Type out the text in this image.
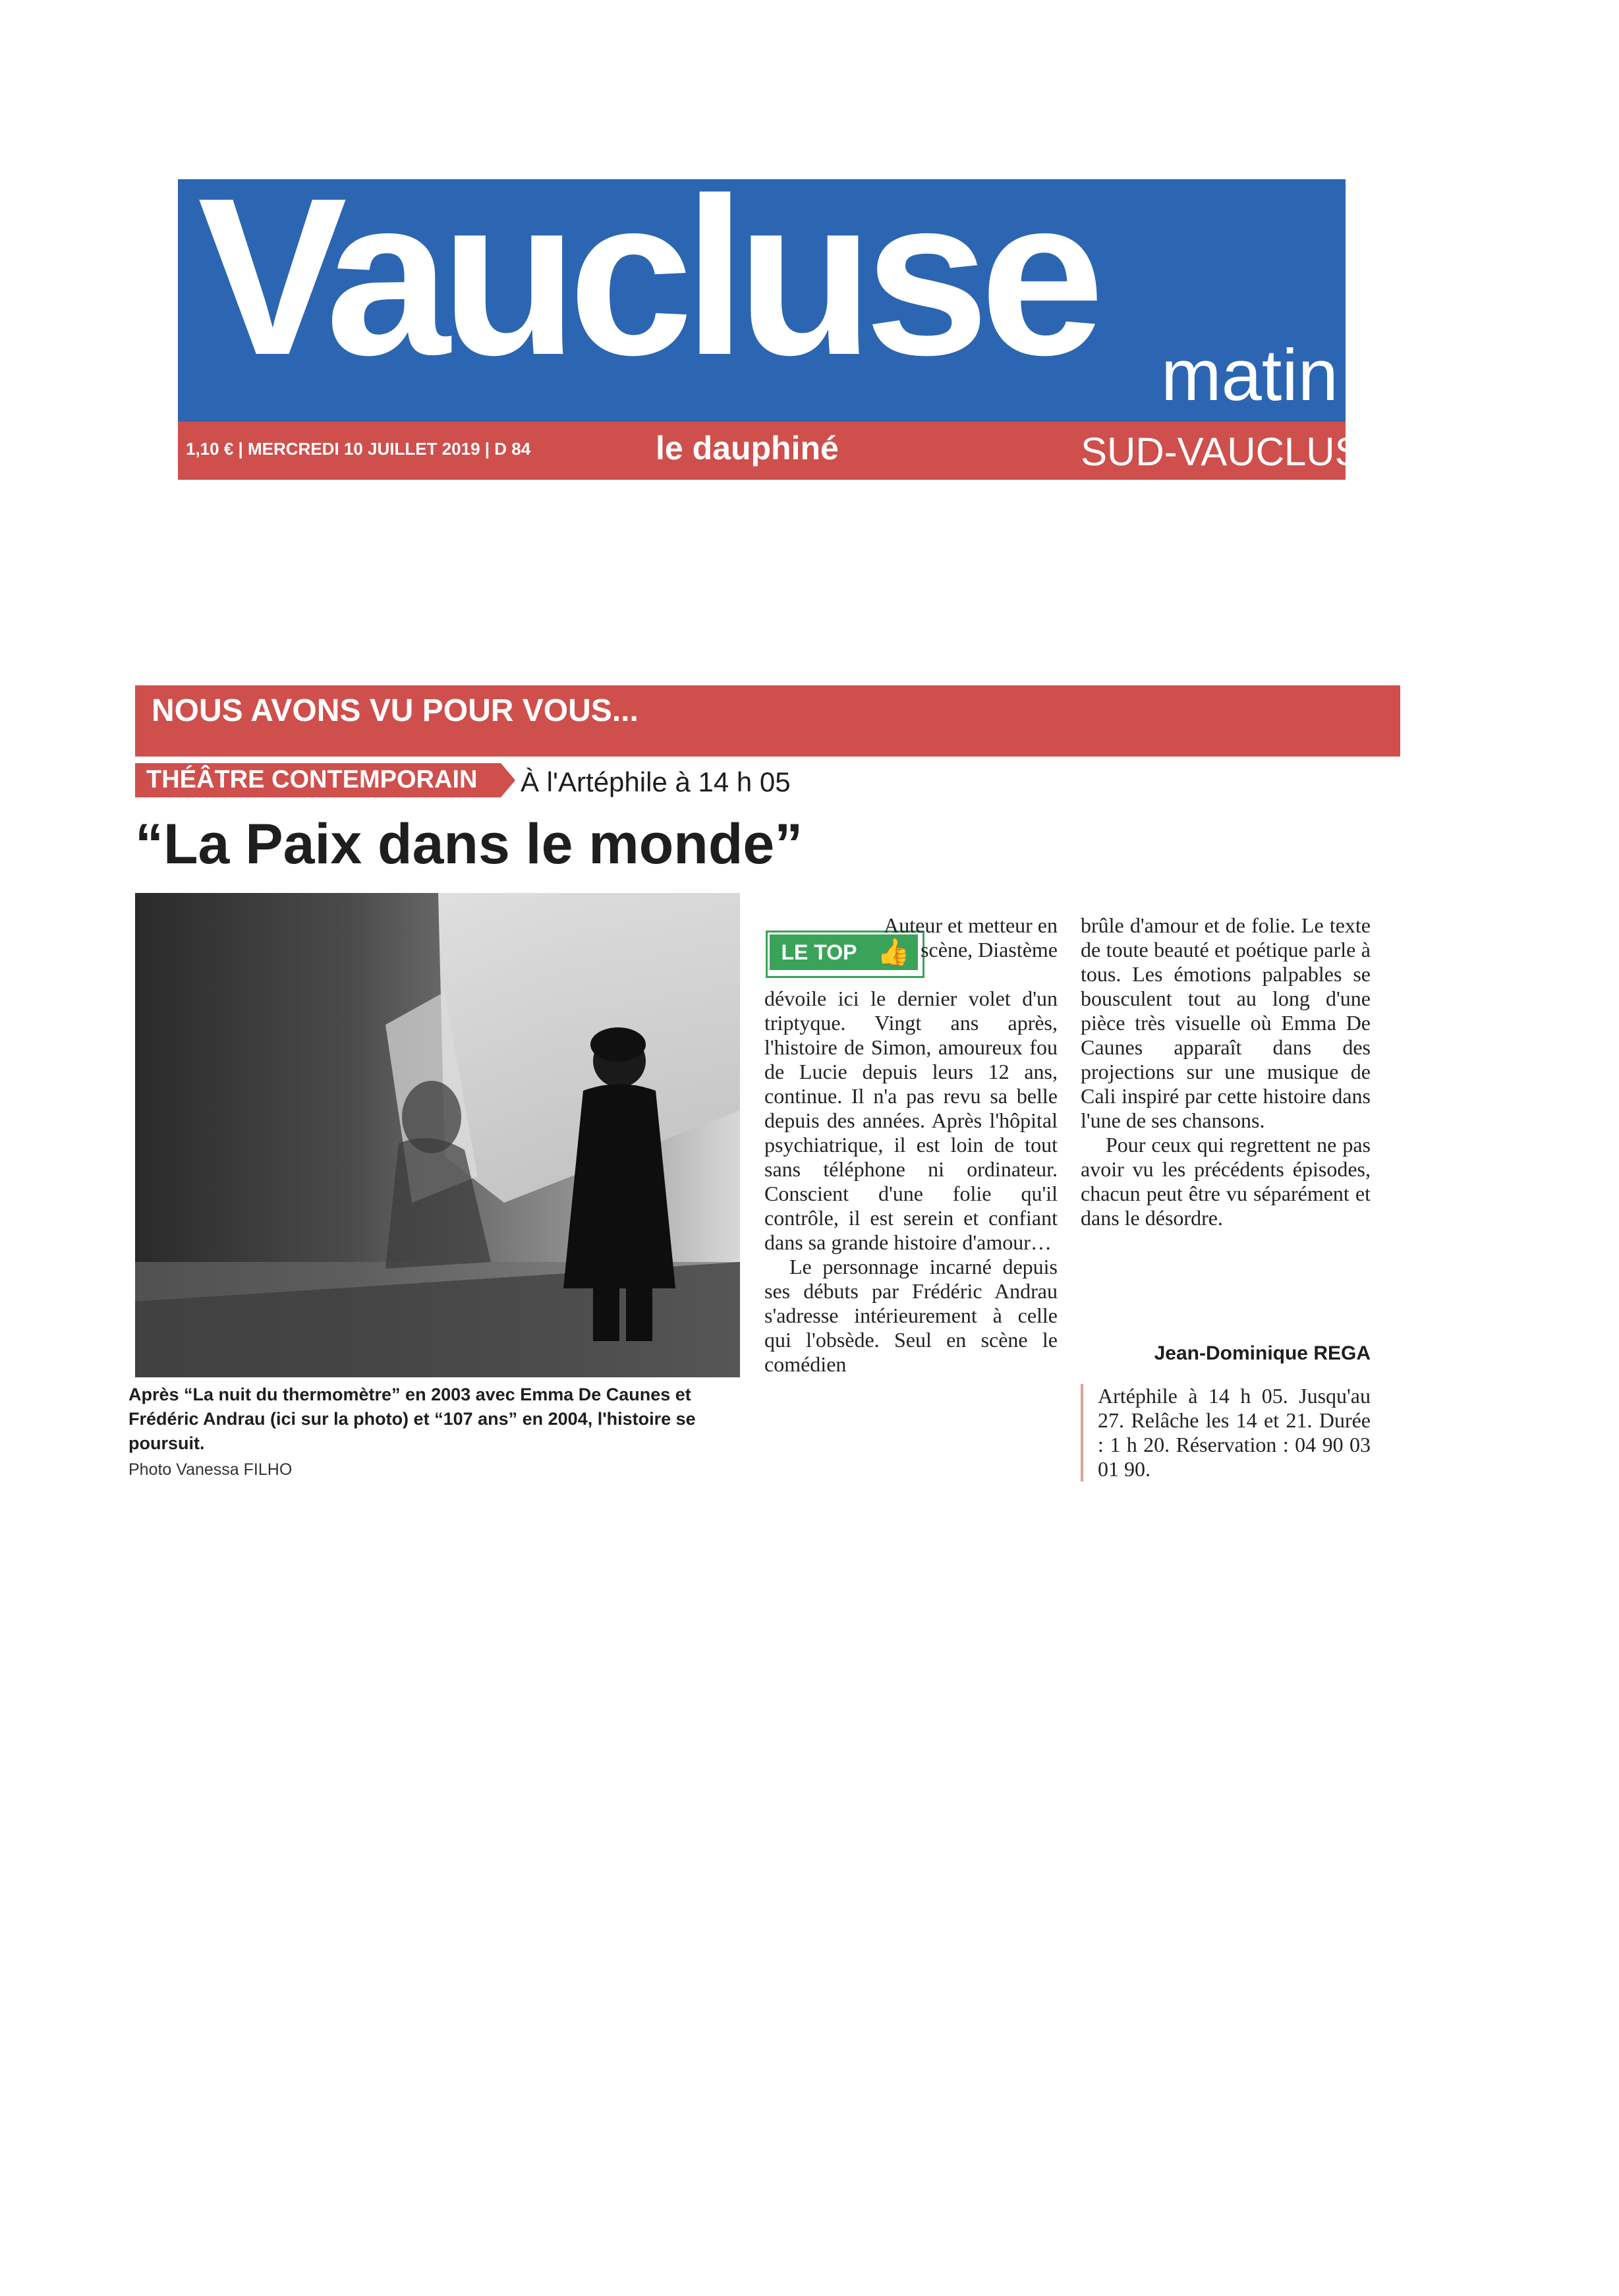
Vaucluse matin
1,10 € | MERCREDI 10 JUILLET 2019 | D 84	le dauphiné	SUD-VAUCLUSE
NOUS AVONS VU POUR VOUS...
THÉÂTRE CONTEMPORAIN À l'Artéphile à 14 h 05
“La Paix dans le monde”
Après “La nuit du thermomètre” en 2003 avec Emma De Caunes et Frédéric Andrau (ici sur la photo) et “107 ans” en 2004, l'histoire se poursuit.
Photo Vanessa FILHO
LE TOP 👍

Auteur et metteur en scène, Diastème

dévoile ici le dernier volet d'un triptyque. Vingt ans après, l'histoire de Simon, amoureux fou de Lucie depuis leurs 12 ans, continue. Il n'a pas revu sa belle depuis des années. Après l'hôpital psychiatrique, il est loin de tout sans téléphone ni ordinateur. Conscient d'une folie qu'il contrôle, il est serein et confiant dans sa grande histoire d'amour…

Le personnage incarné depuis ses débuts par Frédéric Andrau s'adresse intérieurement à celle qui l'obsède. Seul en scène le comédien

brûle d'amour et de folie. Le texte de toute beauté et poétique parle à tous. Les émotions palpables se bousculent tout au long d'une pièce très visuelle où Emma De Caunes apparaît dans des projections sur une musique de Cali inspiré par cette histoire dans l'une de ses chansons.

Pour ceux qui regrettent ne pas avoir vu les précédents épisodes, chacun peut être vu séparément et dans le désordre.

Jean-Dominique REGA
Artéphile à 14 h 05. Jusqu'au 27. Relâche les 14 et 21. Durée : 1 h 20. Réservation : 04 90 03 01 90.
